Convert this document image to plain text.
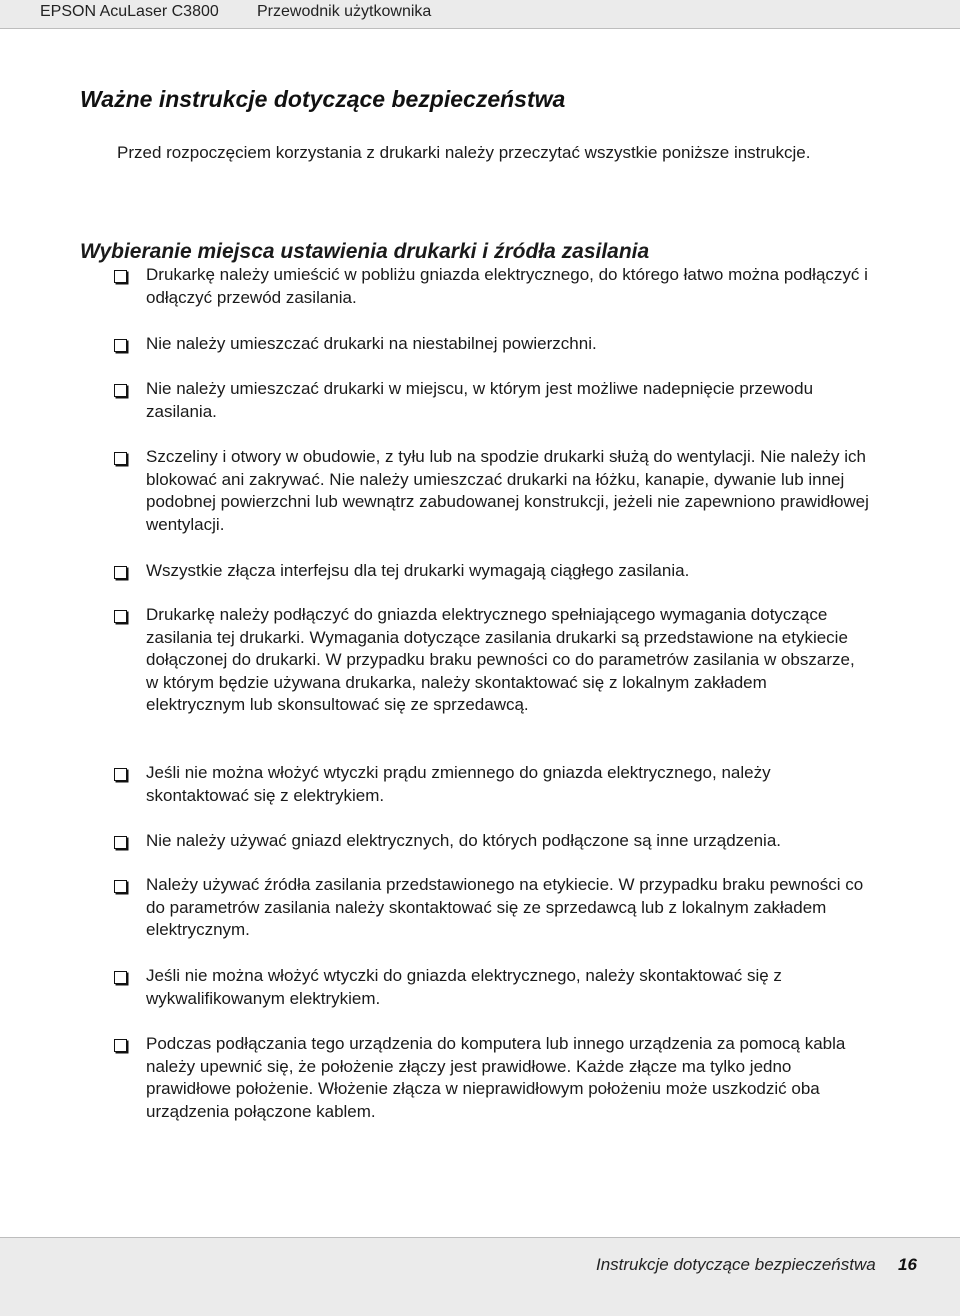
EPSON AcuLaser C3800 Przewodnik użytkownika
Ważne instrukcje dotyczące bezpieczeństwa

Przed rozpoczęciem korzystania z drukarki należy przeczytać wszystkie poniższe instrukcje.

Wybieranie miejsca ustawienia drukarki i źródła zasilania

Drukarkę należy umieścić w pobliżu gniazda elektrycznego, do którego łatwo można podłączyć i odłączyć przewód zasilania.

Nie należy umieszczać drukarki na niestabilnej powierzchni.

Nie należy umieszczać drukarki w miejscu, w którym jest możliwe nadepnięcie przewodu zasilania.

Szczeliny i otwory w obudowie, z tyłu lub na spodzie drukarki służą do wentylacji. Nie należy ich blokować ani zakrywać. Nie należy umieszczać drukarki na łóżku, kanapie, dywanie lub innej podobnej powierzchni lub wewnątrz zabudowanej konstrukcji, jeżeli nie zapewniono prawidłowej wentylacji.

Wszystkie złącza interfejsu dla tej drukarki wymagają ciągłego zasilania.

Drukarkę należy podłączyć do gniazda elektrycznego spełniającego wymagania dotyczące zasilania tej drukarki. Wymagania dotyczące zasilania drukarki są przedstawione na etykiecie dołączonej do drukarki. W przypadku braku pewności co do parametrów zasilania w obszarze, w którym będzie używana drukarka, należy skontaktować się z lokalnym zakładem elektrycznym lub skonsultować się ze sprzedawcą.

Jeśli nie można włożyć wtyczki prądu zmiennego do gniazda elektrycznego, należy skontaktować się z elektrykiem.

Nie należy używać gniazd elektrycznych, do których podłączone są inne urządzenia.

Należy używać źródła zasilania przedstawionego na etykiecie. W przypadku braku pewności co do parametrów zasilania należy skontaktować się ze sprzedawcą lub z lokalnym zakładem elektrycznym.

Jeśli nie można włożyć wtyczki do gniazda elektrycznego, należy skontaktować się z wykwalifikowanym elektrykiem.

Podczas podłączania tego urządzenia do komputera lub innego urządzenia za pomocą kabla należy upewnić się, że położenie złączy jest prawidłowe. Każde złącze ma tylko jedno prawidłowe położenie. Włożenie złącza w nieprawidłowym położeniu może uszkodzić oba urządzenia połączone kablem.

Instrukcje dotyczące bezpieczeństwa 16
